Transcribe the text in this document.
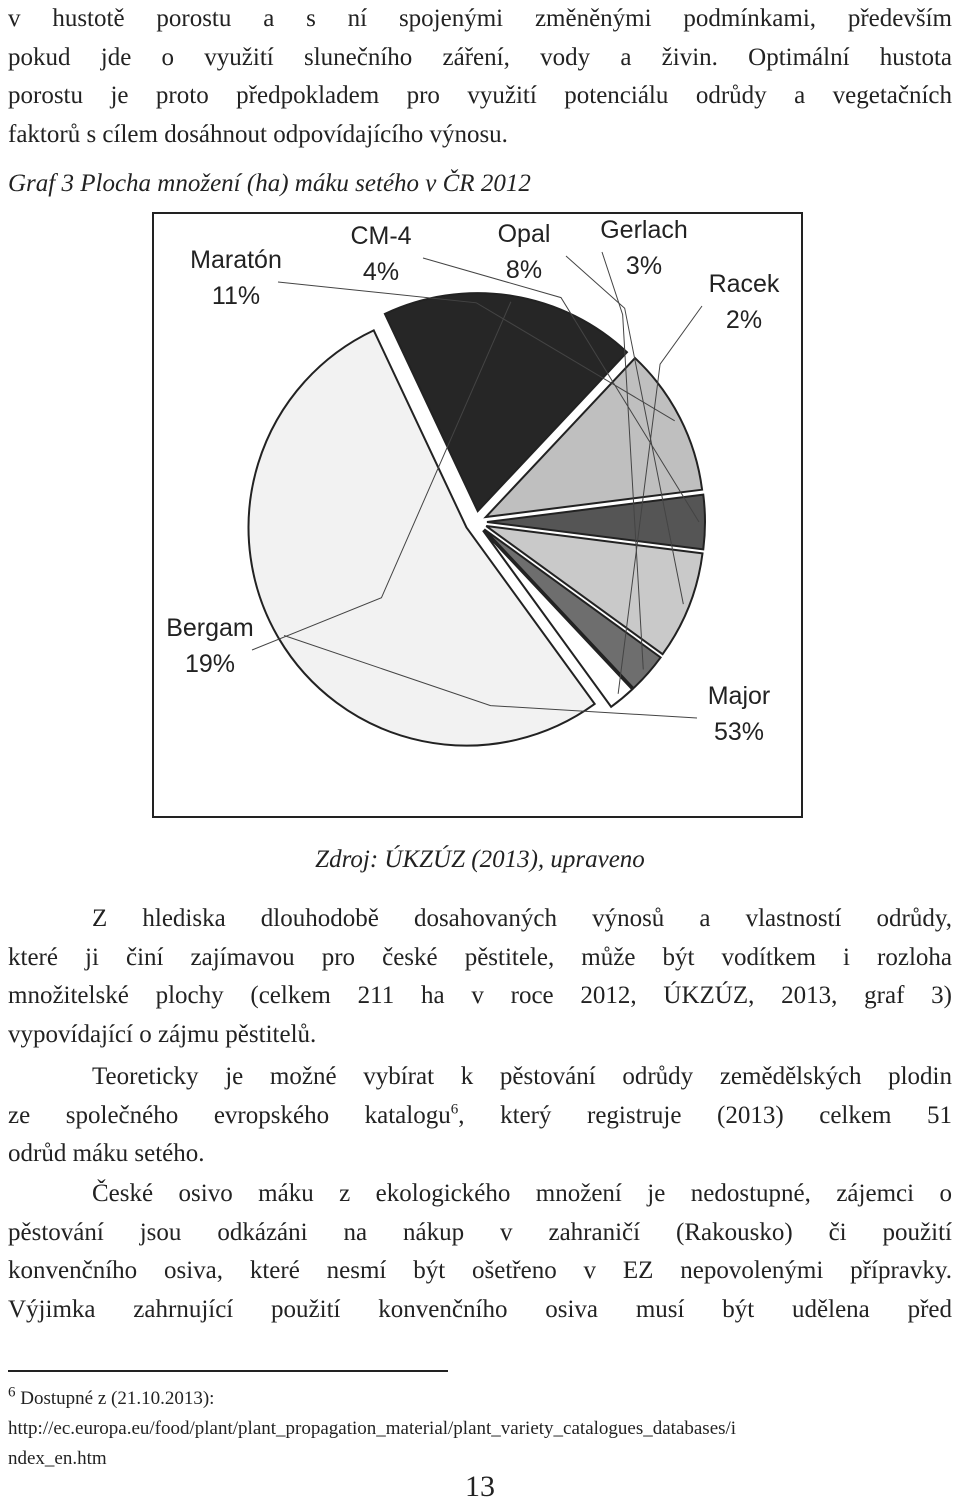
v hustotě porostu a s ní spojenými změněnými podmínkami, především
pokud jde o využití slunečního záření, vody a živin. Optimální hustota
porostu je proto předpokladem pro využití potenciálu odrůdy a vegetačních
faktorů s cílem dosáhnout odpovídajícího výnosu.

Graf 3 Plocha množení (ha) máku setého v ČR 2012

Major
53%
Bergam
19%
Maratón
11%
CM-4
4%
Opal
8%
Gerlach
3%
Racek
2%

Zdroj: ÚKZÚZ (2013), upraveno

Z hlediska dlouhodobě dosahovaných výnosů a vlastností odrůdy,
které ji činí zajímavou pro české pěstitele, může být vodítkem i rozloha
množitelské plochy (celkem 211 ha v roce 2012, ÚKZÚZ, 2013, graf 3)
vypovídající o zájmu pěstitelů.
Teoreticky je možné vybírat k pěstování odrůdy zemědělských plodin
ze společného evropského katalogu$^6$, který registruje (2013) celkem 51
odrůd máku setého.
České osivo máku z ekologického množení je nedostupné, zájemci o
pěstování jsou odkázáni na nákup v zahraničí (Rakousko) či použití
konvenčního osiva, které nesmí být ošetřeno v EZ nepovolenými přípravky.
Výjimka zahrnující použití konvenčního osiva musí být udělena před
$^6$ Dostupné z (21.10.2013):
http://ec.europa.eu/food/plant/plant_propagation_material/plant_variety_catalogues_databases/i
ndex_en.htm
13
